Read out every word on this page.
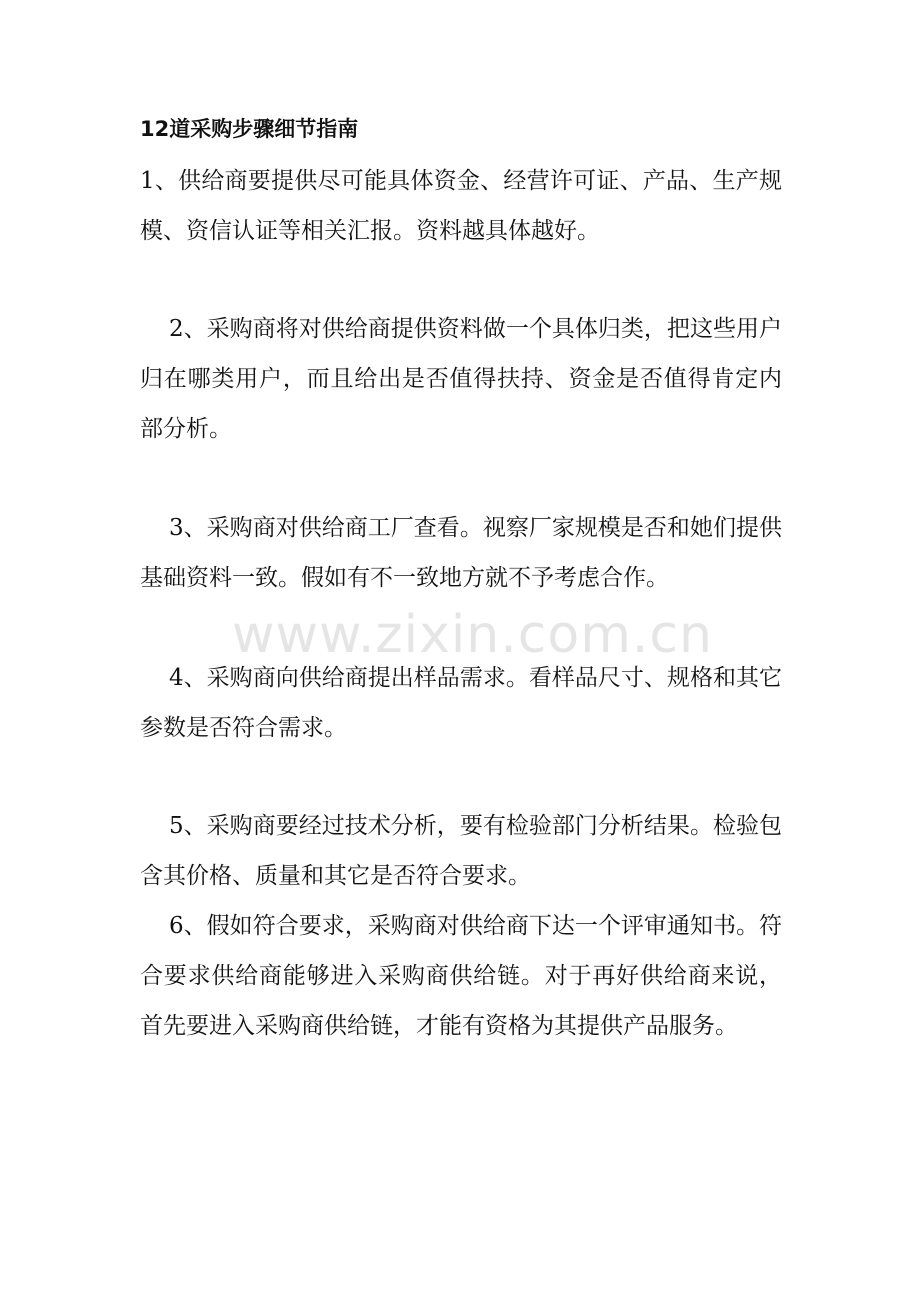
12道采购步骤细节指南

1、供给商要提供尽可能具体资金、经营许可证、产品、生产规模、资信认证等相关汇报。资料越具体越好。

2、采购商将对供给商提供资料做一个具体归类，把这些用户归在哪类用户，而且给出是否值得扶持、资金是否值得肯定内部分析。

3、采购商对供给商工厂查看。视察厂家规模是否和她们提供基础资料一致。假如有不一致地方就不予考虑合作。

4、采购商向供给商提出样品需求。看样品尺寸、规格和其它参数是否符合需求。

5、采购商要经过技术分析，要有检验部门分析结果。检验包含其价格、质量和其它是否符合要求。

6、假如符合要求，采购商对供给商下达一个评审通知书。符合要求供给商能够进入采购商供给链。对于再好供给商来说，首先要进入采购商供给链，才能有资格为其提供产品服务。

www.zixin.com.cn
